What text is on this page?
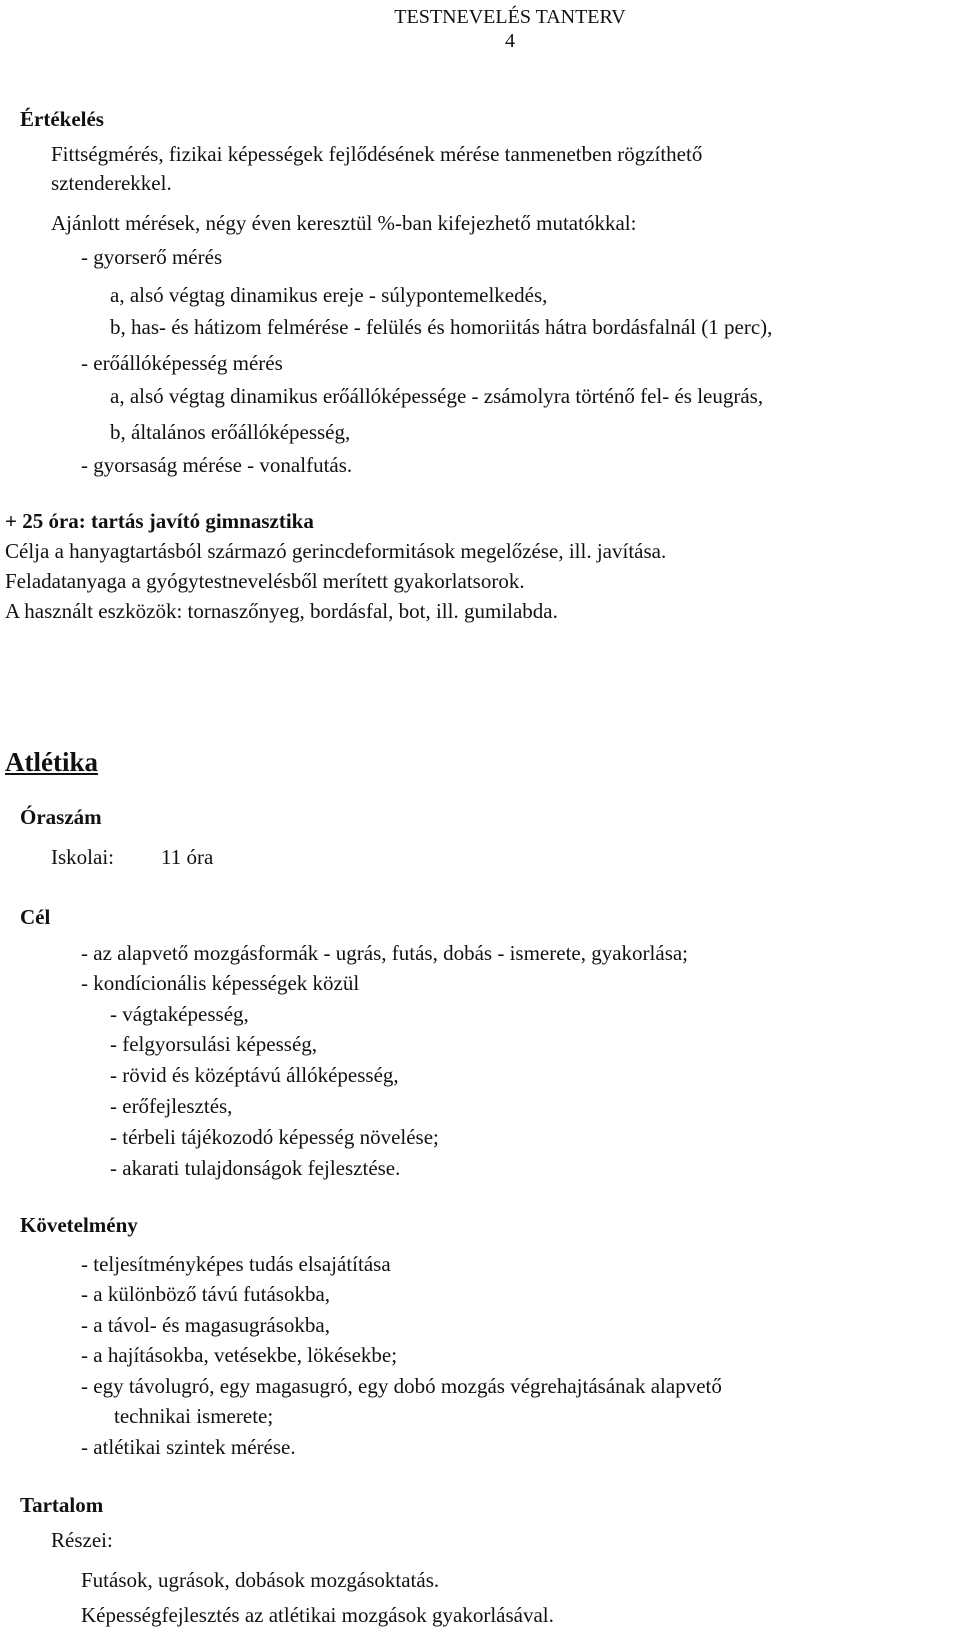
TESTNEVELÉS TANTERV
4
Értékelés
Fittségmérés, fizikai képességek fejlődésének mérése tanmenetben rögzíthető
sztenderekkel.
Ajánlott mérések, négy éven keresztül %-ban kifejezhető mutatókkal:
- gyorserő mérés
a, alsó végtag dinamikus ereje - súlypontemelkedés,
b, has- és hátizom felmérése - felülés és homoriitás hátra bordásfalnál (1 perc),
- erőállóképesség mérés
a, alsó végtag dinamikus erőállóképessége - zsámolyra történő fel- és leugrás,
b, általános erőállóképesség,
- gyorsaság mérése - vonalfutás.
+ 25 óra: tartás javító gimnasztika
Célja a hanyagtartásból származó gerincdeformitások megelőzése, ill. javítása.
Feladatanyaga a gyógytestnevelésből merített gyakorlatsorok.
A használt eszközök: tornaszőnyeg, bordásfal, bot, ill. gumilabda.
Atlétika
Óraszám
Iskolai: 11 óra
Cél
- az alapvető mozgásformák - ugrás, futás, dobás - ismerete, gyakorlása;
- kondícionális képességek közül
- vágtaképesség,
- felgyorsulási képesség,
- rövid és középtávú állóképesség,
- erőfejlesztés,
- térbeli tájékozodó képesség növelése;
- akarati tulajdonságok fejlesztése.
Követelmény
- teljesítményképes tudás elsajátítása
- a különböző távú futásokba,
- a távol- és magasugrásokba,
- a hajításokba, vetésekbe, lökésekbe;
- egy távolugró, egy magasugró, egy dobó mozgás végrehajtásának alapvető
technikai ismerete;
- atlétikai szintek mérése.
Tartalom
Részei:
Futások, ugrások, dobások mozgásoktatás.
Képességfejlesztés az atlétikai mozgások gyakorlásával.
